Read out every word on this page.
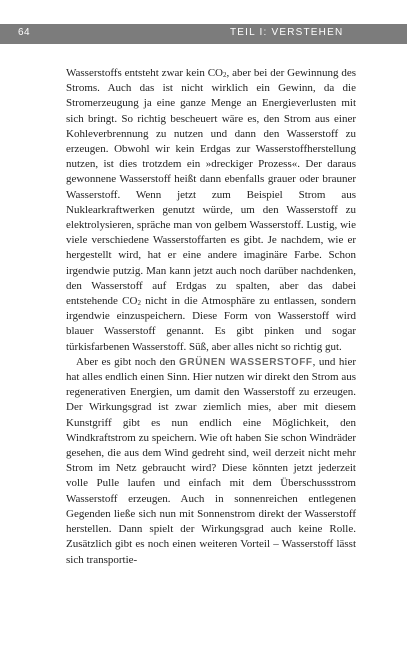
64	TEIL I: VERSTEHEN

Wasserstoffs entsteht zwar kein $CO_2$, aber bei der Gewinnung des Stroms. Auch das ist nicht wirklich ein Gewinn, da die Stromerzeugung ja eine ganze Menge an Energieverlusten mit sich bringt. So richtig bescheuert wäre es, den Strom aus einer Kohleverbrennung zu nutzen und dann den Wasserstoff zu erzeugen. Obwohl wir kein Erdgas zur Wasserstoffherstellung nutzen, ist dies trotzdem ein »dreckiger Prozess«. Der daraus gewonnene Wasserstoff heißt dann ebenfalls grauer oder brauner Wasserstoff. Wenn jetzt zum Beispiel Strom aus Nuklearkraftwerken genutzt würde, um den Wasserstoff zu elektrolysieren, spräche man von gelbem Wasserstoff. Lustig, wie viele verschiedene Wasserstoffarten es gibt. Je nachdem, wie er hergestellt wird, hat er eine andere imaginäre Farbe. Schon irgendwie putzig. Man kann jetzt auch noch darüber nachdenken, den Wasserstoff auf Erdgas zu spalten, aber das dabei entstehende $CO_2$ nicht in die Atmosphäre zu entlassen, sondern irgendwie einzuspeichern. Diese Form von Wasserstoff wird blauer Wasserstoff genannt. Es gibt pinken und sogar türkisfarbenen Wasserstoff. Süß, aber alles nicht so richtig gut.

Aber es gibt noch den GRÜNEN WASSERSTOFF, und hier hat alles endlich einen Sinn. Hier nutzen wir direkt den Strom aus regenerativen Energien, um damit den Wasserstoff zu erzeugen. Der Wirkungsgrad ist zwar ziemlich mies, aber mit diesem Kunstgriff gibt es nun endlich eine Möglichkeit, den Windkraftstrom zu speichern. Wie oft haben Sie schon Windräder gesehen, die aus dem Wind gedreht sind, weil derzeit nicht mehr Strom im Netz gebraucht wird? Diese könnten jetzt jederzeit volle Pulle laufen und einfach mit dem Überschussstrom Wasserstoff erzeugen. Auch in sonnenreichen entlegenen Gegenden ließe sich nun mit Sonnenstrom direkt der Wasserstoff herstellen. Dann spielt der Wirkungsgrad auch keine Rolle. Zusätzlich gibt es noch einen weiteren Vorteil – Wasserstoff lässt sich transportie-
